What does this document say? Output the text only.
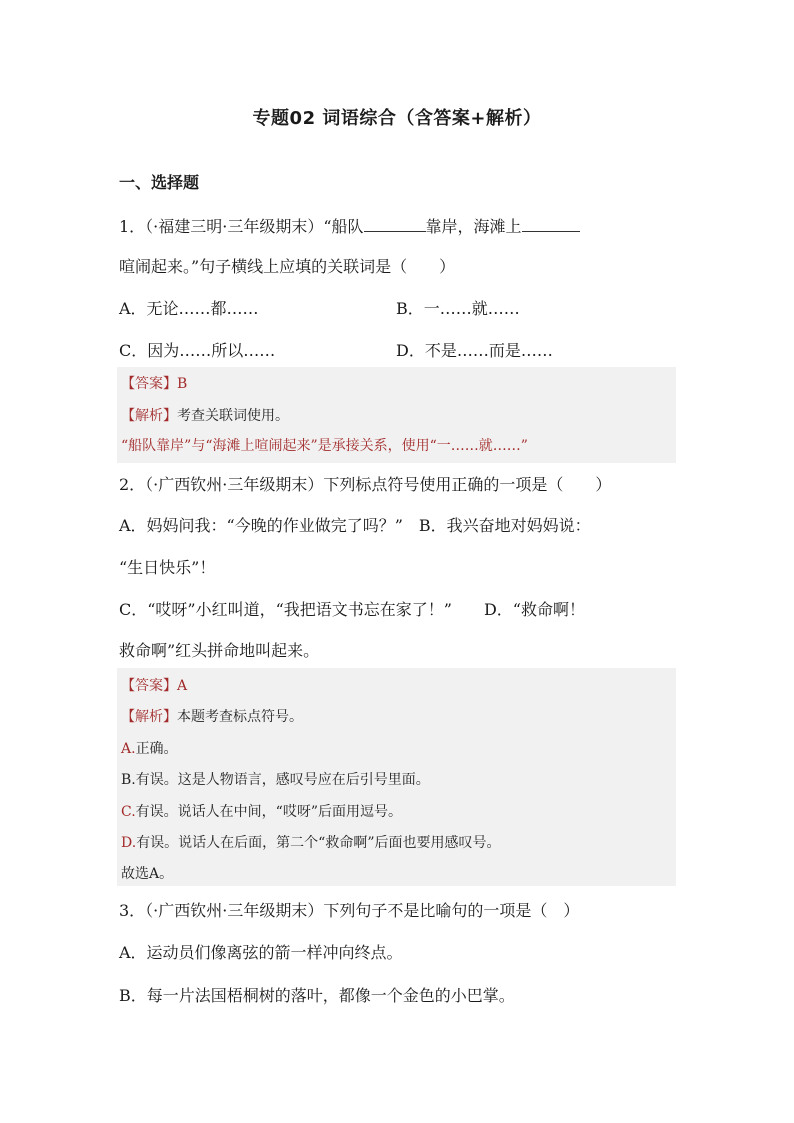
专题02 词语综合（含答案+解析）
一、选择题
1．（·福建三明·三年级期末）“船队	靠岸，海滩上
喧闹起来。”句子横线上应填的关联词是（　　）
A．无论……都……	B．一……就……
C．因为……所以……	D．不是……而是……
【答案】B
【解析】考查关联词使用。
“船队靠岸”与“海滩上喧闹起来”是承接关系，使用“一……就……”
2．（·广西钦州·三年级期末）下列标点符号使用正确的一项是（　　）
A．妈妈问我：“今晚的作业做完了吗？”　B．我兴奋地对妈妈说：
“生日快乐”！
C．“哎呀”小红叫道，“我把语文书忘在家了！”　　D．“救命啊！
救命啊”红头拼命地叫起来。
【答案】A
【解析】本题考查标点符号。
A.正确。
B.有误。这是人物语言，感叹号应在后引号里面。
C.有误。说话人在中间，“哎呀”后面用逗号。
D.有误。说话人在后面，第二个“救命啊”后面也要用感叹号。
故选A。
3．（·广西钦州·三年级期末）下列句子不是比喻句的一项是（　）
A．运动员们像离弦的箭一样冲向终点。
B．每一片法国梧桐树的落叶，都像一个金色的小巴掌。
